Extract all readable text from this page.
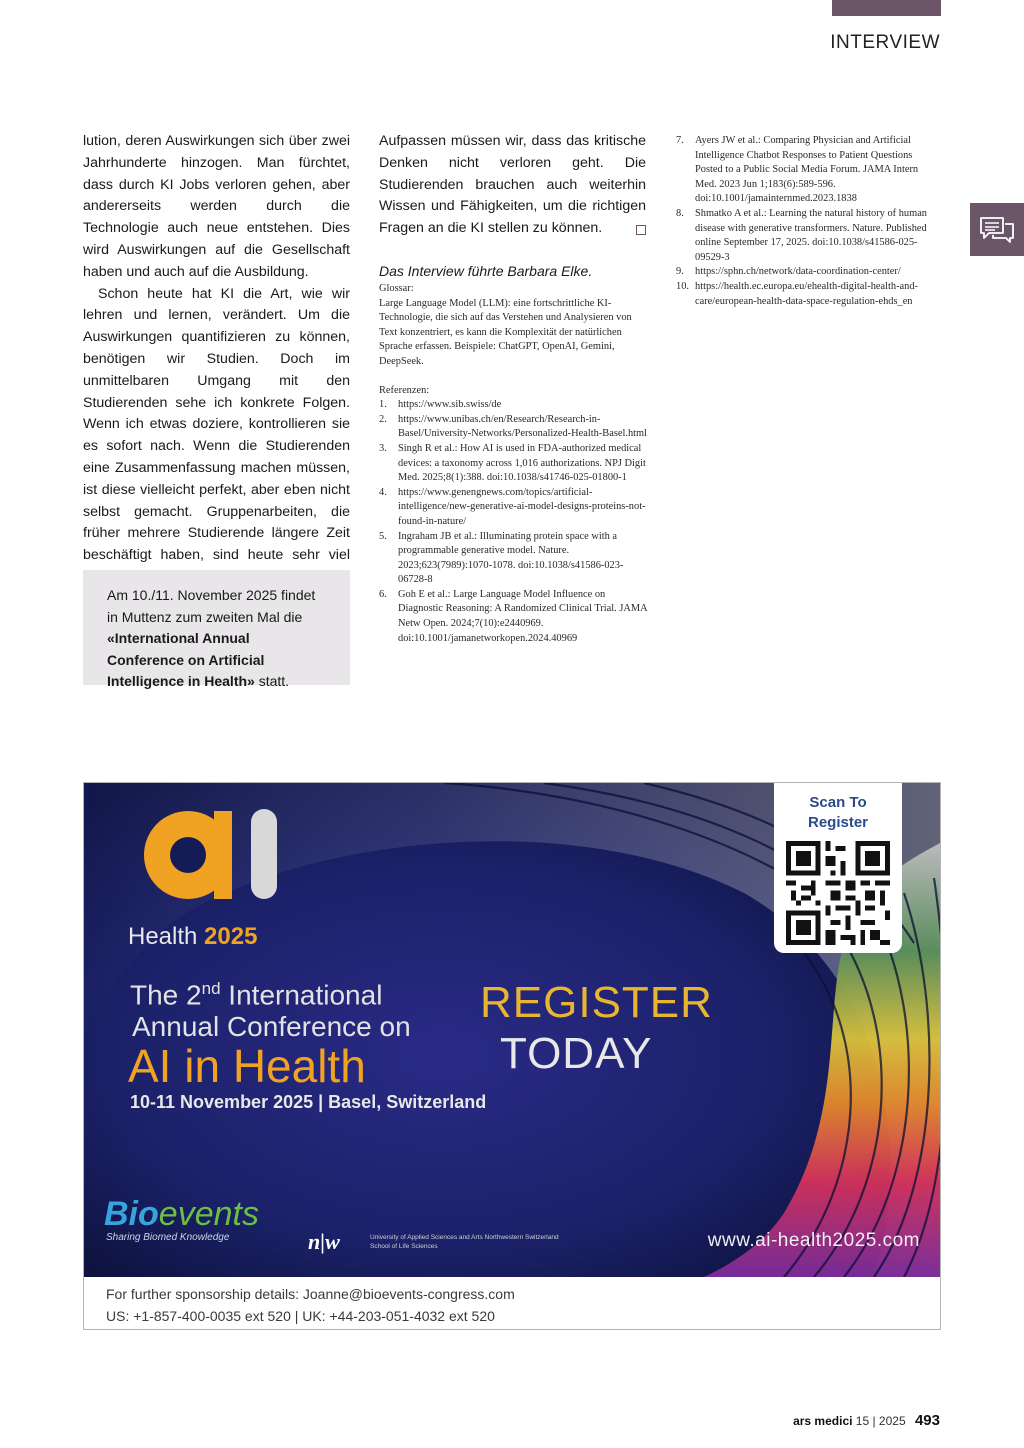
INTERVIEW

lution, deren Auswirkungen sich über zwei Jahrhunderte hinzogen. Man fürchtet, dass durch KI Jobs verloren gehen, aber andererseits werden durch die Technologie auch neue entstehen. Dies wird Auswirkungen auf die Gesellschaft haben und auch auf die Ausbildung.

Schon heute hat KI die Art, wie wir lehren und lernen, verändert. Um die Auswirkungen quantifizieren zu können, benötigen wir Studien. Doch im unmittelbaren Umgang mit den Studierenden sehe ich konkrete Folgen. Wenn ich etwas doziere, kontrollieren sie es sofort nach. Wenn die Studierenden eine Zusammenfassung machen müssen, ist diese vielleicht perfekt, aber eben nicht selbst gemacht. Gruppenarbeiten, die früher mehrere Studierende längere Zeit beschäftigt haben, sind heute sehr viel

Am 10./11. November 2025 findet in Muttenz zum zweiten Mal die «International Annual Conference on Artificial Intelligence in Health» statt.

Aufpassen müssen wir, dass das kritische Denken nicht verloren geht. Die Studierenden brauchen auch weiterhin Wissen und Fähigkeiten, um die richtigen Fragen an die KI stellen zu können.

Das Interview führte Barbara Elke.

Glossar:

Large Language Model (LLM): eine fortschrittliche KI-Technologie, die sich auf das Verstehen und Analysieren von Text konzentriert, es kann die Komplexität der natürlichen Sprache erfassen. Beispiele: ChatGPT, OpenAI, Gemini, DeepSeek.

Referenzen:

1. https://www.sib.swiss/de
2. https://www.unibas.ch/en/Research/Research-in-Basel/University-Networks/Personalized-Health-Basel.html
3. Singh R et al.: How AI is used in FDA-authorized medical devices: a taxonomy across 1,016 authorizations. NPJ Digit Med. 2025;8(1):388. doi:10.1038/s41746-025-01800-1
4. https://www.genengnews.com/topics/artificial-intelligence/new-generative-ai-model-designs-proteins-not-found-in-nature/
5. Ingraham JB et al.: Illuminating protein space with a programmable generative model. Nature. 2023;623(7989):1070-1078. doi:10.1038/s41586-023-06728-8
6. Goh E et al.: Large Language Model Influence on Diagnostic Reasoning: A Randomized Clinical Trial. JAMA Netw Open. 2024;7(10):e2440969. doi:10.1001/jamanetworkopen.2024.40969
7. Ayers JW et al.: Comparing Physician and Artificial Intelligence Chatbot Responses to Patient Questions Posted to a Public Social Media Forum. JAMA Intern Med. 2023 Jun 1;183(6):589-596. doi:10.1001/jamainternmed.2023.1838
8. Shmatko A et al.: Learning the natural history of human disease with generative transformers. Nature. Published online September 17, 2025. doi:10.1038/s41586-025-09529-3
9. https://sphn.ch/network/data-coordination-center/
10. https://health.ec.europa.eu/ehealth-digital-health-and-care/european-health-data-space-regulation-ehds_en
Health 2025
The 2nd International
Annual Conference on
AI in Health
10-11 November 2025 | Basel, Switzerland
REGISTER
TODAY
Scan To
Register
Bioevents
Sharing Biomed Knowledge	n|w	University of Applied Sciences and Arts Northwestern Switzerland
School of Life Sciences	www.ai-health2025.com
For further sponsorship details: Joanne@bioevents-congress.com
US: +1-857-400-0035 ext 520 | UK: +44-203-051-4032 ext 520
ars medici 15 | 2025 493
